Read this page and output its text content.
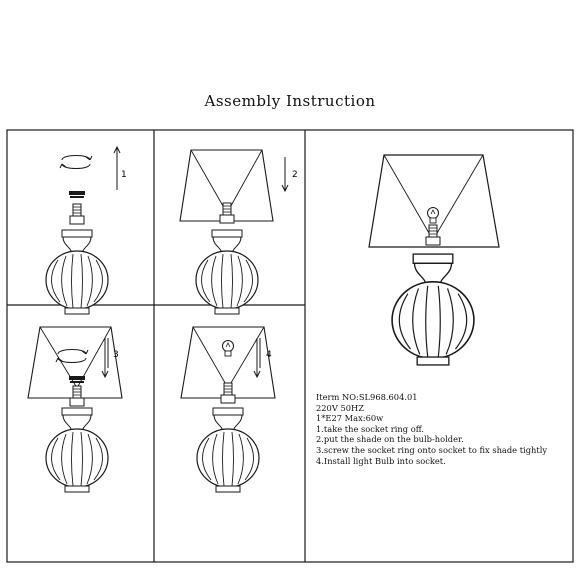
Assembly Instruction
1	2
3	4
Iterm NO:SL968.604.01
220V 50HZ
1*E27 Max:60w
1.take the socket ring off.
2.put the shade on the bulb-holder.
3.screw the socket ring onto socket to fix shade tightly
4.Install light Bulb into socket.
